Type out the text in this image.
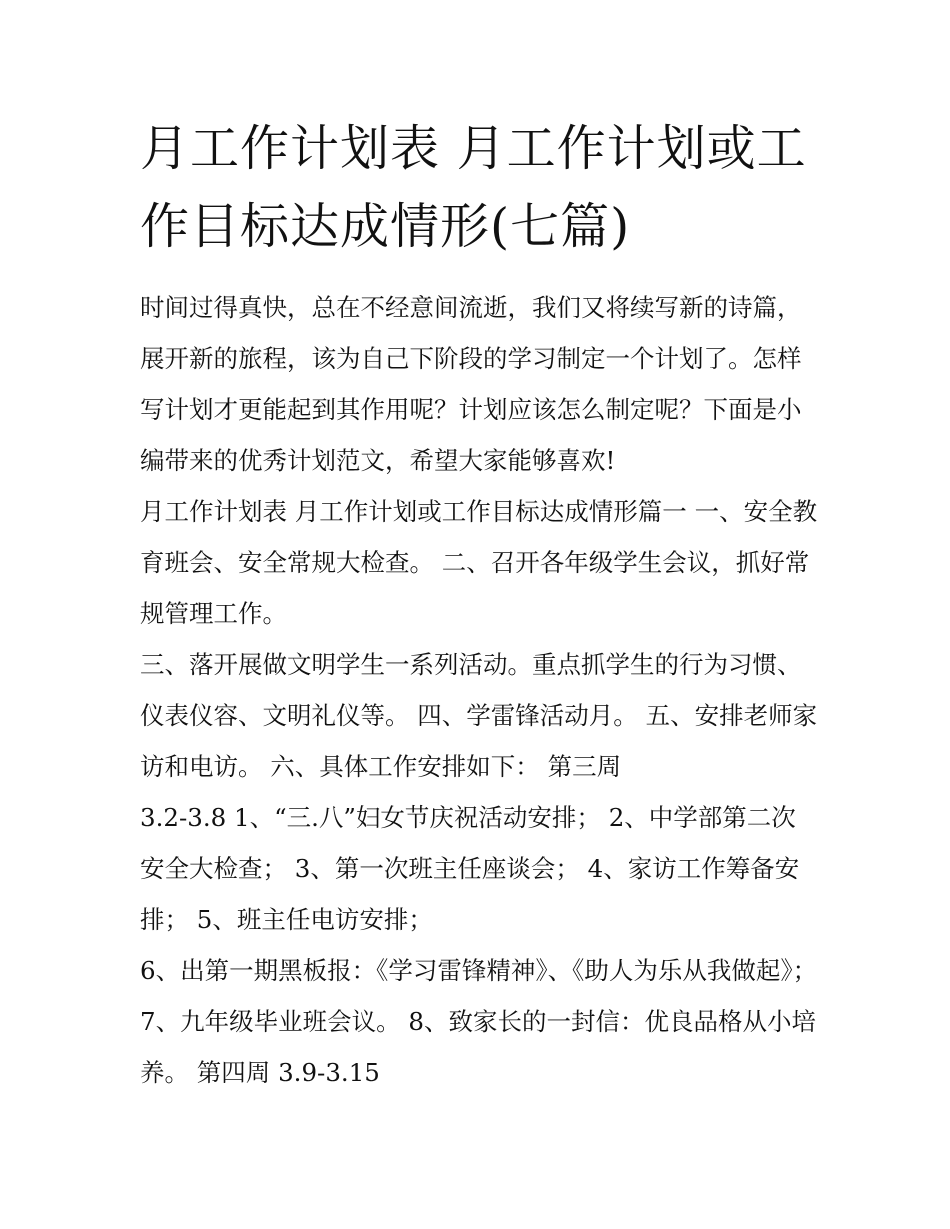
月工作计划表 月工作计划或工作目标达成情形(七篇)

时间过得真快，总在不经意间流逝，我们又将续写新的诗篇，展开新的旅程，该为自己下阶段的学习制定一个计划了。怎样写计划才更能起到其作用呢？计划应该怎么制定呢？下面是小编带来的优秀计划范文，希望大家能够喜欢!

月工作计划表 月工作计划或工作目标达成情形篇一 一、安全教育班会、安全常规大检查。 二、召开各年级学生会议，抓好常规管理工作。

三、落开展做文明学生一系列活动。重点抓学生的行为习惯、仪表仪容、文明礼仪等。 四、学雷锋活动月。 五、安排老师家访和电访。 六、具体工作安排如下： 第三周

3.2-3.8 1、“三.八”妇女节庆祝活动安排； 2、中学部第二次安全大检查； 3、第一次班主任座谈会； 4、家访工作筹备安排； 5、班主任电访安排；

6、出第一期黑板报：《学习雷锋精神》、《助人为乐从我做起》； 7、九年级毕业班会议。 8、致家长的一封信：优良品格从小培养。 第四周 3.9-3.15
